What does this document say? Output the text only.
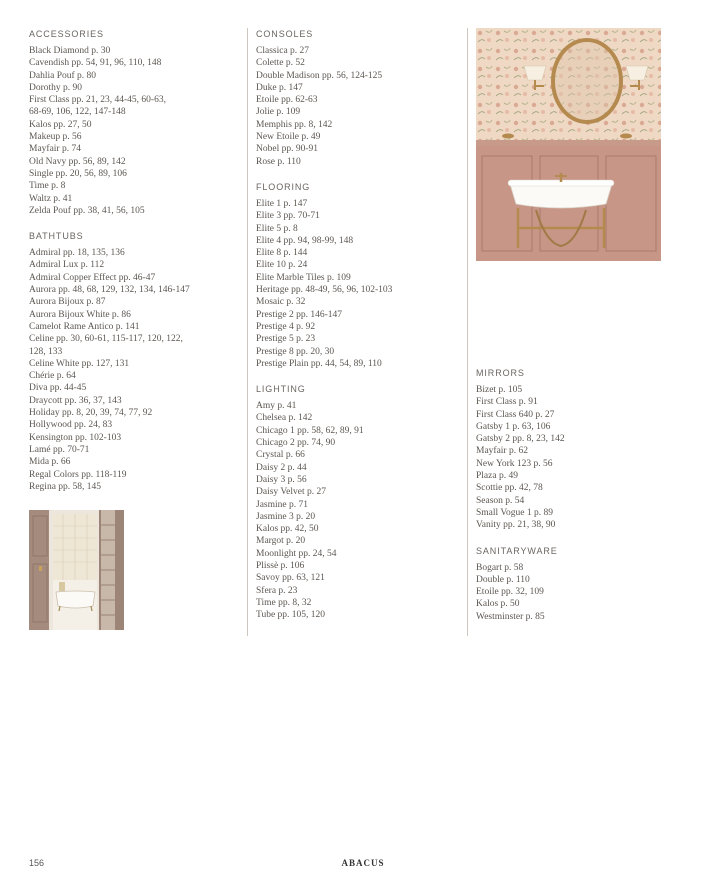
ACCESSORIES
Black Diamond p. 30
Cavendish pp. 54, 91, 96, 110, 148
Dahlia Pouf p. 80
Dorothy p. 90
First Class pp. 21, 23, 44-45, 60-63,
68-69, 106, 122, 147-148
Kalos pp. 27, 50
Makeup p. 56
Mayfair p. 74
Old Navy pp. 56, 89, 142
Single pp. 20, 56, 89, 106
Time p. 8
Waltz p. 41
Zelda Pouf pp. 38, 41, 56, 105
BATHTUBS
Admiral pp. 18, 135, 136
Admiral Lux p. 112
Admiral Copper Effect pp. 46-47
Aurora pp. 48, 68, 129, 132, 134, 146-147
Aurora Bijoux p. 87
Aurora Bijoux White p. 86
Camelot Rame Antico p. 141
Celine pp. 30, 60-61, 115-117, 120, 122,
128, 133
Celine White pp. 127, 131
Chérie p. 64
Diva pp. 44-45
Draycott pp. 36, 37, 143
Holiday pp. 8, 20, 39, 74, 77, 92
Hollywood pp. 24, 83
Kensington pp. 102-103
Lamé pp. 70-71
Mida p. 66
Regal Colors pp. 118-119
Regina pp. 58, 145
CONSOLES
Classica p. 27
Colette p. 52
Double Madison pp. 56, 124-125
Duke p. 147
Etoile pp. 62-63
Jolie p. 109
Memphis pp. 8, 142
New Etoile p. 49
Nobel pp. 90-91
Rose p. 110
FLOORING
Elite 1 p. 147
Elite 3 pp. 70-71
Elite 5 p. 8
Elite 4 pp. 94, 98-99, 148
Elite 8 p. 144
Elite 10 p. 24
Elite Marble Tiles p. 109
Heritage pp. 48-49, 56, 96, 102-103
Mosaic p. 32
Prestige 2 pp. 146-147
Prestige 4 p. 92
Prestige 5 p. 23
Prestige 8 pp. 20, 30
Prestige Plain pp. 44, 54, 89, 110
LIGHTING
Amy p. 41
Chelsea p. 142
Chicago 1 pp. 58, 62, 89, 91
Chicago 2 pp. 74, 90
Crystal p. 66
Daisy 2 p. 44
Daisy 3 p. 56
Daisy Velvet p. 27
Jasmine p. 71
Jasmine 3 p. 20
Kalos pp. 42, 50
Margot p. 20
Moonlight pp. 24, 54
Plissè p. 106
Savoy pp. 63, 121
Sfera p. 23
Time pp. 8, 32
Tube pp. 105, 120
MIRRORS
Bizet p. 105
First Class p. 91
First Class 640 p. 27
Gatsby 1 p. 63, 106
Gatsby 2 pp. 8, 23, 142
Mayfair p. 62
New York 123 p. 56
Plaza p. 49
Scottie pp. 42, 78
Season p. 54
Small Vogue 1 p. 89
Vanity pp. 21, 38, 90
SANITARYWARE
Bogart p. 58
Double p. 110
Etoile pp. 32, 109
Kalos p. 50
Westminster p. 85
156	ABACUS
